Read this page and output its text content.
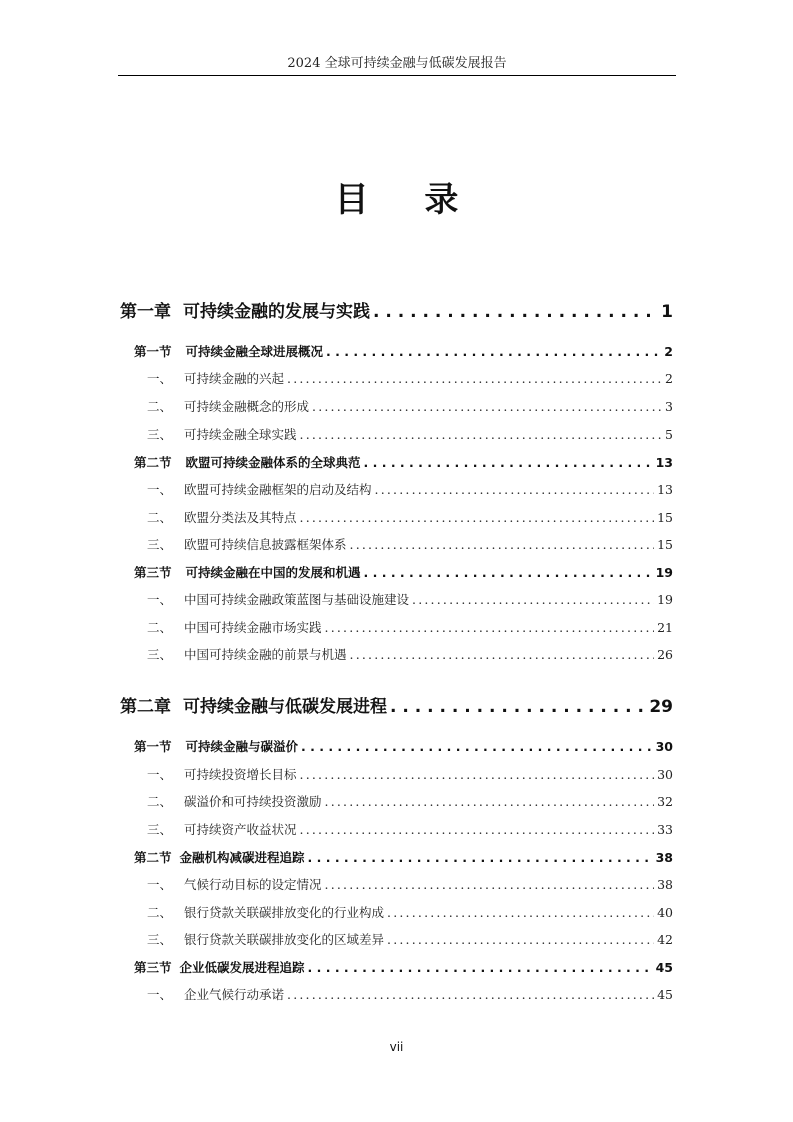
2024 全球可持续金融与低碳发展报告
目 录
第一章 可持续金融的发展与实践 . . .	1
第一节 可持续金融全球进展概况 . . .	2
一、 可持续金融的兴起 .....	2
二、 可持续金融概念的形成 .....	3
三、 可持续金融全球实践 .....	5
第二节 欧盟可持续金融体系的全球典范 . . .	13
一、 欧盟可持续金融框架的启动及结构 .....	13
二、 欧盟分类法及其特点 .....	15
三、 欧盟可持续信息披露框架体系 .....	15
第三节 可持续金融在中国的发展和机遇 . . .	19
一、 中国可持续金融政策蓝图与基础设施建设 .....	19
二、 中国可持续金融市场实践 .....	21
三、 中国可持续金融的前景与机遇 .....	26
第二章 可持续金融与低碳发展进程 . . .	29
第一节 可持续金融与碳溢价 . . .	30
一、 可持续投资增长目标 .....	30
二、 碳溢价和可持续投资激励 .....	32
三、 可持续资产收益状况 .....	33
第二节 金融机构减碳进程追踪 . . .	38
一、 气候行动目标的设定情况 .....	38
二、 银行贷款关联碳排放变化的行业构成 .....	40
三、 银行贷款关联碳排放变化的区域差异 .....	42
第三节 企业低碳发展进程追踪 . . .	45
一、 企业气候行动承诺 .....	45
vii
